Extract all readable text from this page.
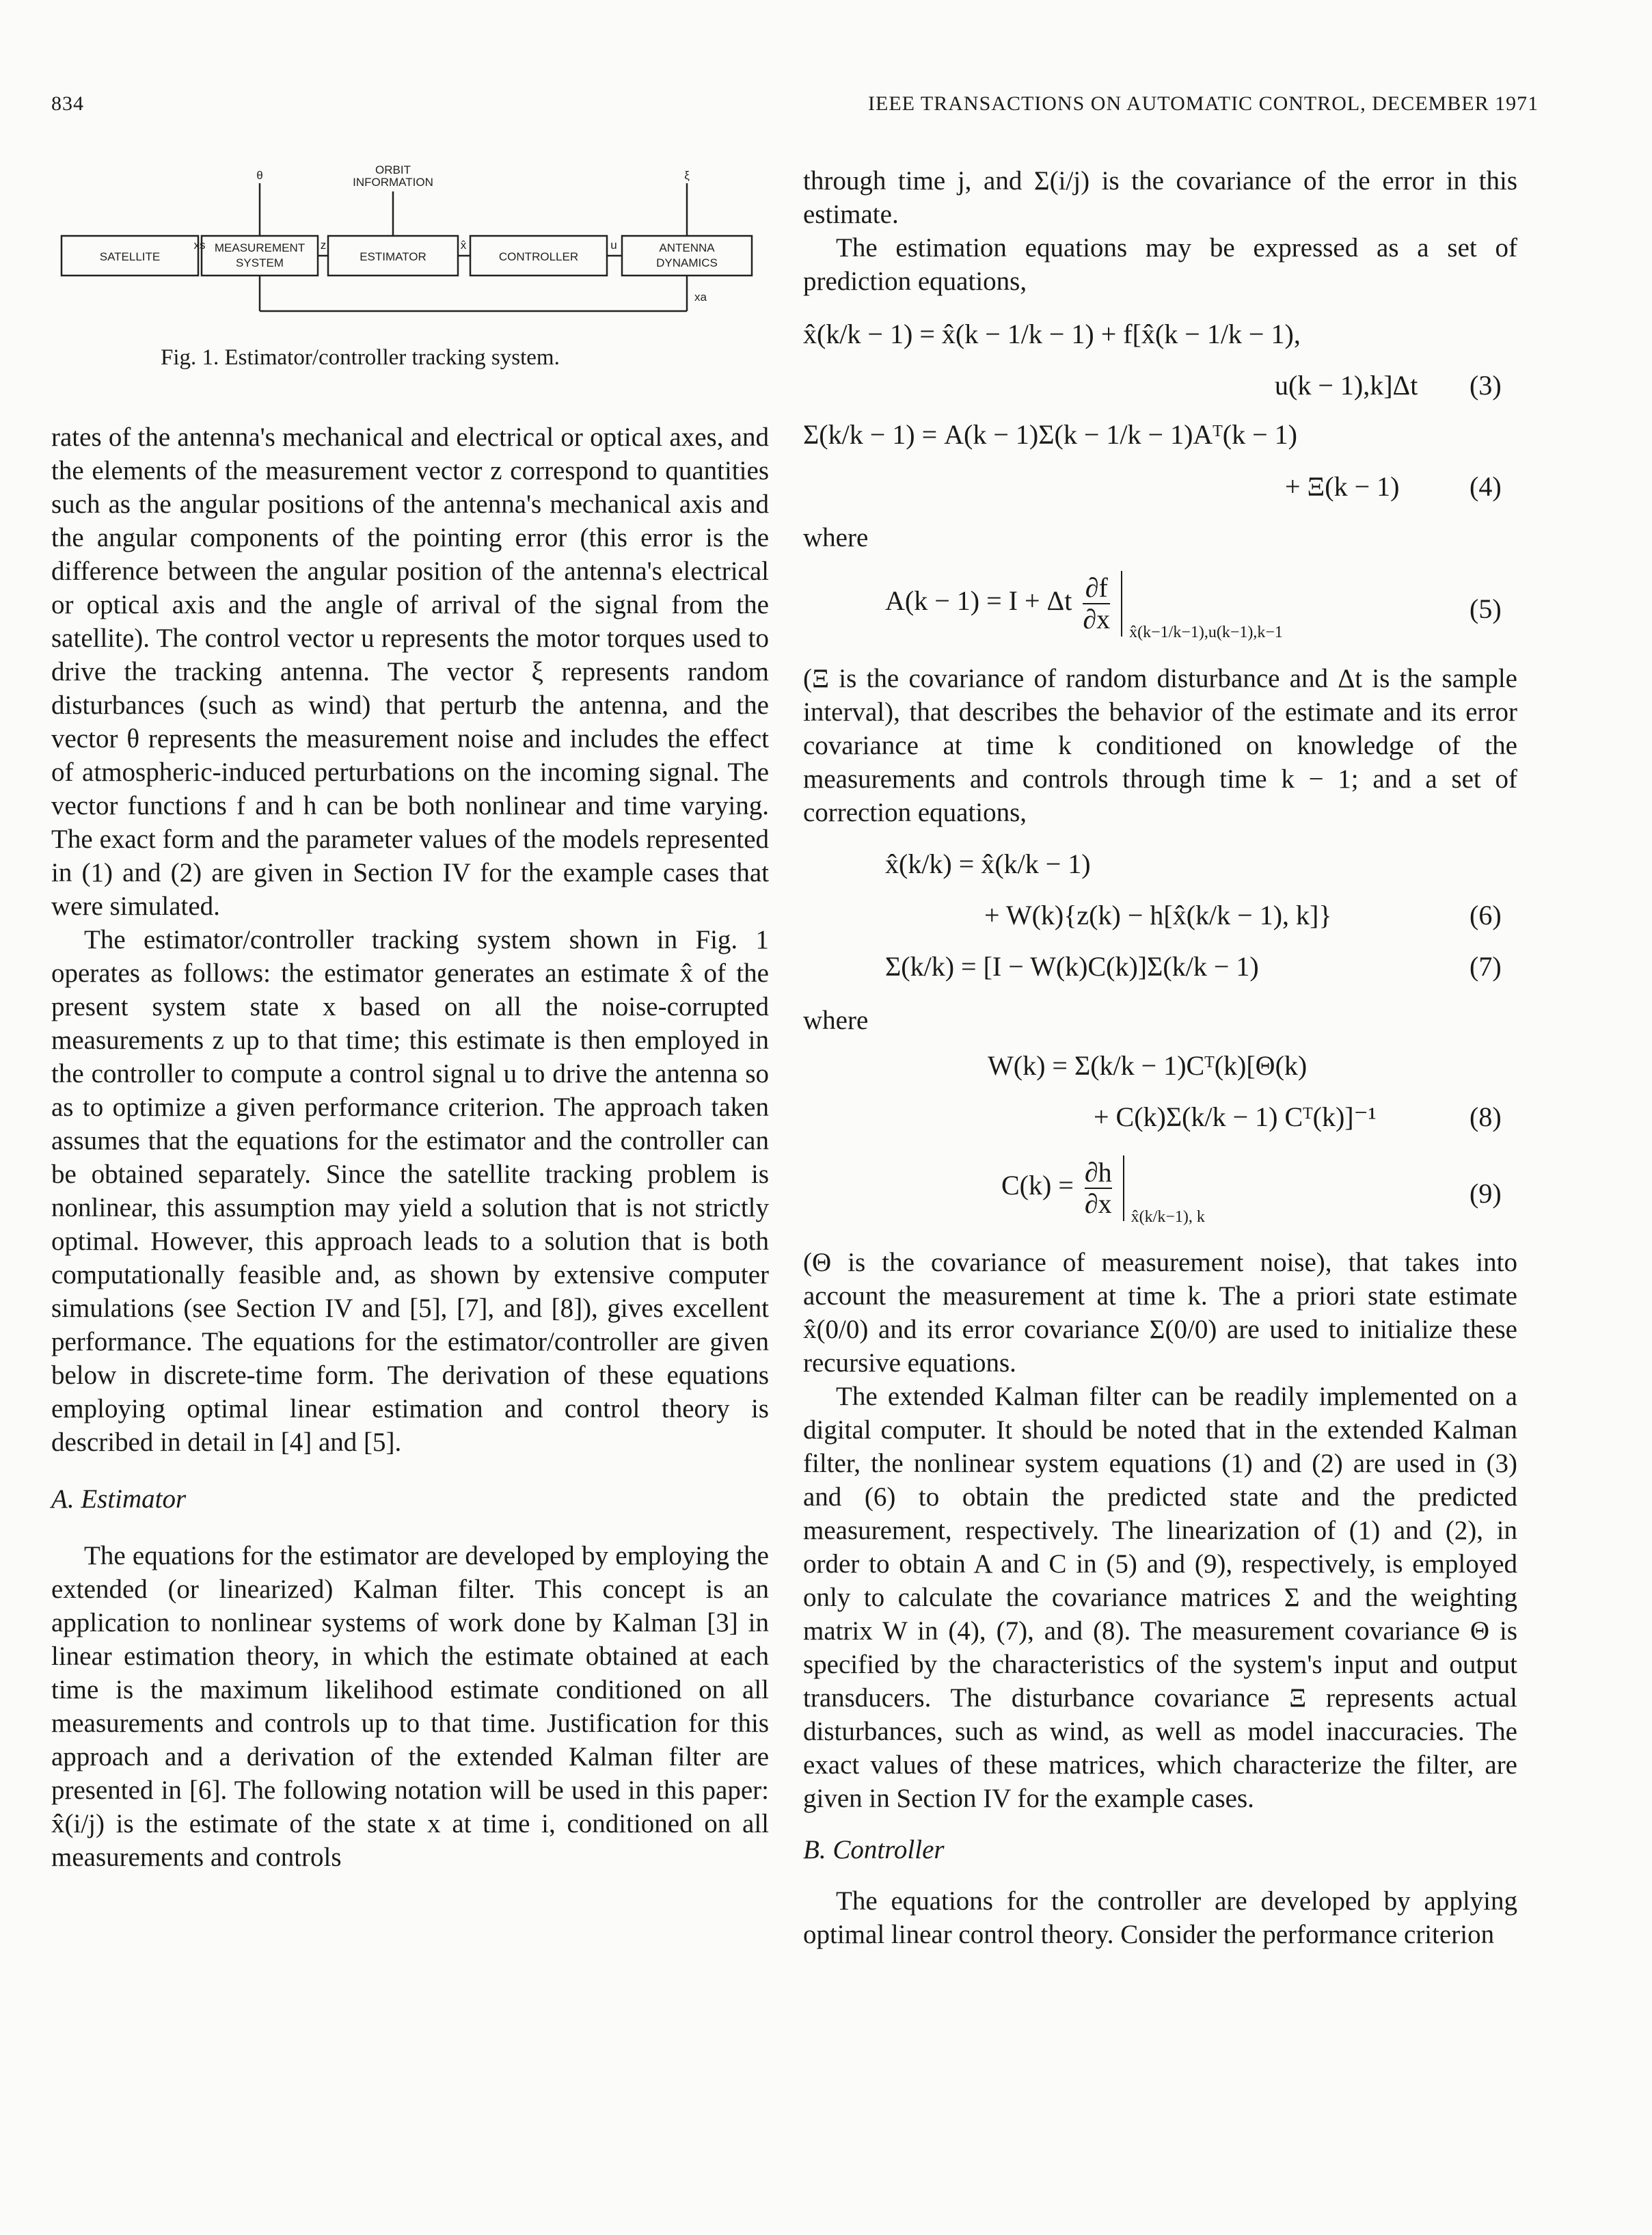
834	IEEE TRANSACTIONS ON AUTOMATIC CONTROL, DECEMBER 1971
SATELLITE
MEASUREMENT
SYSTEM	ESTIMATOR	CONTROLLER
ANTENNA
DYNAMICS
θ	ORBIT
INFORMATION
ξ
xs	z	x̂	u
xa
Fig. 1. Estimator/controller tracking system.

rates of the antenna's mechanical and electrical or optical axes, and the elements of the measurement vector z correspond to quantities such as the angular positions of the antenna's mechanical axis and the angular components of the pointing error (this error is the difference between the angular position of the antenna's electrical or optical axis and the angle of arrival of the signal from the satellite). The control vector u represents the motor torques used to drive the tracking antenna. The vector ξ represents random disturbances (such as wind) that perturb the antenna, and the vector θ represents the measurement noise and includes the effect of atmospheric-induced perturbations on the incoming signal. The vector functions f and h can be both nonlinear and time varying. The exact form and the parameter values of the models represented in (1) and (2) are given in Section IV for the example cases that were simulated.

The estimator/controller tracking system shown in Fig. 1 operates as follows: the estimator generates an estimate x̂ of the present system state x based on all the noise-corrupted measurements z up to that time; this estimate is then employed in the controller to compute a control signal u to drive the antenna so as to optimize a given performance criterion. The approach taken assumes that the equations for the estimator and the controller can be obtained separately. Since the satellite tracking problem is nonlinear, this assumption may yield a solution that is not strictly optimal. However, this approach leads to a solution that is both computationally feasible and, as shown by extensive computer simulations (see Section IV and [5], [7], and [8]), gives excellent performance. The equations for the estimator/controller are given below in discrete-time form. The derivation of these equations employing optimal linear estimation and control theory is described in detail in [4] and [5].

A. Estimator

The equations for the estimator are developed by employing the extended (or linearized) Kalman filter. This concept is an application to nonlinear systems of work done by Kalman [3] in linear estimation theory, in which the estimate obtained at each time is the maximum likelihood estimate conditioned on all measurements and controls up to that time. Justification for this approach and a derivation of the extended Kalman filter are presented in [6]. The following notation will be used in this paper: x̂(i/j) is the estimate of the state x at time i, conditioned on all measurements and controls

through time j, and Σ(i/j) is the covariance of the error in this estimate.

The estimation equations may be expressed as a set of prediction equations,

x̂(k/k − 1) = x̂(k − 1/k − 1) + f[x̂(k − 1/k − 1),
u(k − 1),k]Δt (3)
Σ(k/k − 1) = A(k − 1)Σ(k − 1/k − 1)Aᵀ(k − 1)
+ Ξ(k − 1)	(4)
where
A(k − 1) = I + Δt $\frac{\partial f}{\partial x} _{x̂(k-1/k-1),u(k-1),k-1}$
(5)
(Ξ is the covariance of random disturbance and Δt is the sample interval), that describes the behavior of the estimate and its error covariance at time k conditioned on knowledge of the measurements and controls through time k − 1; and a set of correction equations,
x̂(k/k) = x̂(k/k − 1)
+ W(k){z(k) − h[x̂(k/k − 1), k]}	(6)
Σ(k/k) = [I − W(k)C(k)]Σ(k/k − 1)	(7)
where
W(k) = Σ(k/k − 1)Cᵀ(k)[Θ(k)
+ C(k)Σ(k/k − 1) Cᵀ(k)]⁻¹	(8)
$C(k) = \frac{\partial h}{\partial x} _{x̂(k/k-1), k}$
(9)

(Θ is the covariance of measurement noise), that takes into account the measurement at time k. The a priori state estimate x̂(0/0) and its error covariance Σ(0/0) are used to initialize these recursive equations.

The extended Kalman filter can be readily implemented on a digital computer. It should be noted that in the extended Kalman filter, the nonlinear system equations (1) and (2) are used in (3) and (6) to obtain the predicted state and the predicted measurement, respectively. The linearization of (1) and (2), in order to obtain A and C in (5) and (9), respectively, is employed only to calculate the covariance matrices Σ and the weighting matrix W in (4), (7), and (8). The measurement covariance Θ is specified by the characteristics of the system's input and output transducers. The disturbance covariance Ξ represents actual disturbances, such as wind, as well as model inaccuracies. The exact values of these matrices, which characterize the filter, are given in Section IV for the example cases.

B. Controller

The equations for the controller are developed by applying optimal linear control theory. Consider the performance criterion
